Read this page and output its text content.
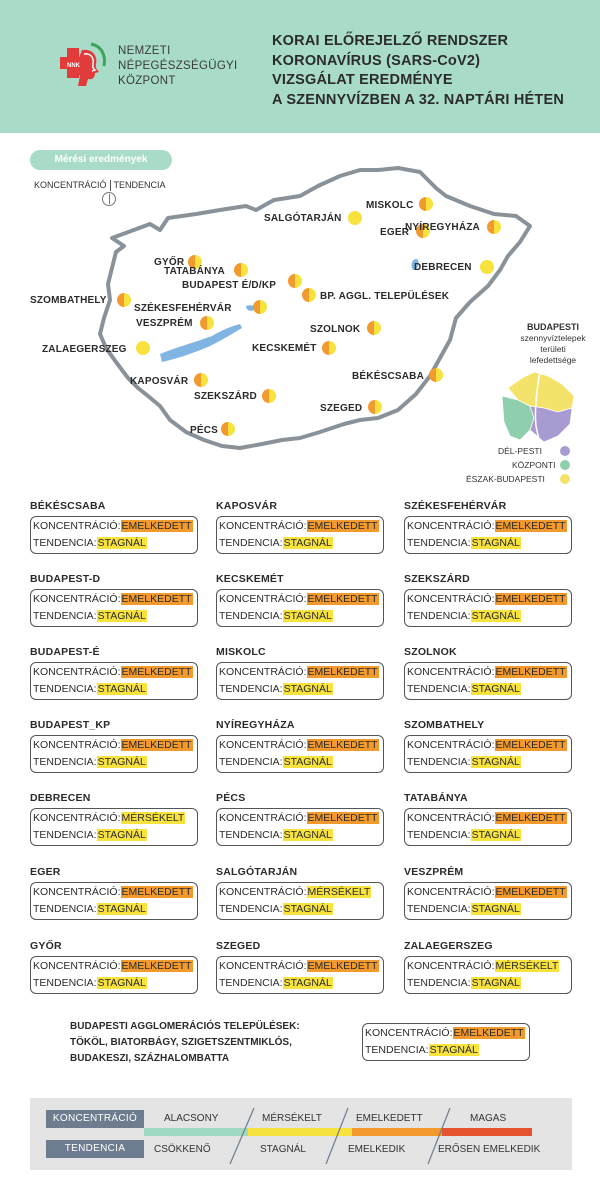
NNK
NEMZETI
NÉPEGÉSZSÉGÜGYI
KÖZPONT
KORAI ELŐREJELZŐ RENDSZER
KORONAVÍRUS (SARS-CoV2)
VIZSGÁLAT EREDMÉNYE
A SZENNYVÍZBEN A 32. NAPTÁRI HÉTEN
Mérési eredmények
KONCENTRÁCIÓ TENDENCIA
MISKOLC
SALGÓTARJÁN
EGER
NYÍREGYHÁZA
GYŐR
TATABÁNYA	DEBRECEN
BUDAPEST É/D/KP
BP. AGGL. TELEPÜLÉSEK
SZOMBATHELY
SZÉKESFEHÉRVÁR
VESZPRÉM
SZOLNOK
ZALAEGERSZEG	KECSKEMÉT
KAPOSVÁR	BÉKÉSCSABA
SZEKSZÁRD
SZEGED
PÉCS
BUDAPESTI
szennyvíztelepek
területi
lefedettsége
DÉL-PESTI
KÖZPONTI
ÉSZAK-BUDAPESTI
BÉKÉSCSABA
KONCENTRÁCIÓ:EMELKEDETT
TENDENCIA:STAGNÁL
KAPOSVÁR
KONCENTRÁCIÓ:EMELKEDETT
TENDENCIA:STAGNÁL
SZÉKESFEHÉRVÁR
KONCENTRÁCIÓ:EMELKEDETT
TENDENCIA:STAGNÁL
BUDAPEST-D
KONCENTRÁCIÓ:EMELKEDETT
TENDENCIA:STAGNÁL
KECSKEMÉT
KONCENTRÁCIÓ:EMELKEDETT
TENDENCIA:STAGNÁL
SZEKSZÁRD
KONCENTRÁCIÓ:EMELKEDETT
TENDENCIA:STAGNÁL
BUDAPEST-É
KONCENTRÁCIÓ:EMELKEDETT
TENDENCIA:STAGNÁL
MISKOLC
KONCENTRÁCIÓ:EMELKEDETT
TENDENCIA:STAGNÁL
SZOLNOK
KONCENTRÁCIÓ:EMELKEDETT
TENDENCIA:STAGNÁL
BUDAPEST_KP
KONCENTRÁCIÓ:EMELKEDETT
TENDENCIA:STAGNÁL
NYÍREGYHÁZA
KONCENTRÁCIÓ:EMELKEDETT
TENDENCIA:STAGNÁL
SZOMBATHELY
KONCENTRÁCIÓ:EMELKEDETT
TENDENCIA:STAGNÁL
DEBRECEN
KONCENTRÁCIÓ:MÉRSÉKELT
TENDENCIA:STAGNÁL
PÉCS
KONCENTRÁCIÓ:EMELKEDETT
TENDENCIA:STAGNÁL
TATABÁNYA
KONCENTRÁCIÓ:EMELKEDETT
TENDENCIA:STAGNÁL
EGER
KONCENTRÁCIÓ:EMELKEDETT
TENDENCIA:STAGNÁL
SALGÓTARJÁN
KONCENTRÁCIÓ:MÉRSÉKELT
TENDENCIA:STAGNÁL
VESZPRÉM
KONCENTRÁCIÓ:EMELKEDETT
TENDENCIA:STAGNÁL
GYŐR
KONCENTRÁCIÓ:EMELKEDETT
TENDENCIA:STAGNÁL
SZEGED
KONCENTRÁCIÓ:EMELKEDETT
TENDENCIA:STAGNÁL
ZALAEGERSZEG
KONCENTRÁCIÓ:MÉRSÉKELT
TENDENCIA:STAGNÁL
BUDAPESTI AGGLOMERÁCIÓS TELEPÜLÉSEK:
TÖKÖL, BIATORBÁGY, SZIGETSZENTMIKLÓS,
BUDAKESZI, SZÁZHALOMBATTA
KONCENTRÁCIÓ:EMELKEDETT
TENDENCIA:STAGNÁL
KONCENTRÁCIÓ
TENDENCIA
ALACSONY	MÉRSÉKELT	EMELKEDETT	MAGAS
CSÖKKENŐ	STAGNÁL	EMELKEDIK	ERŐSEN EMELKEDIK
